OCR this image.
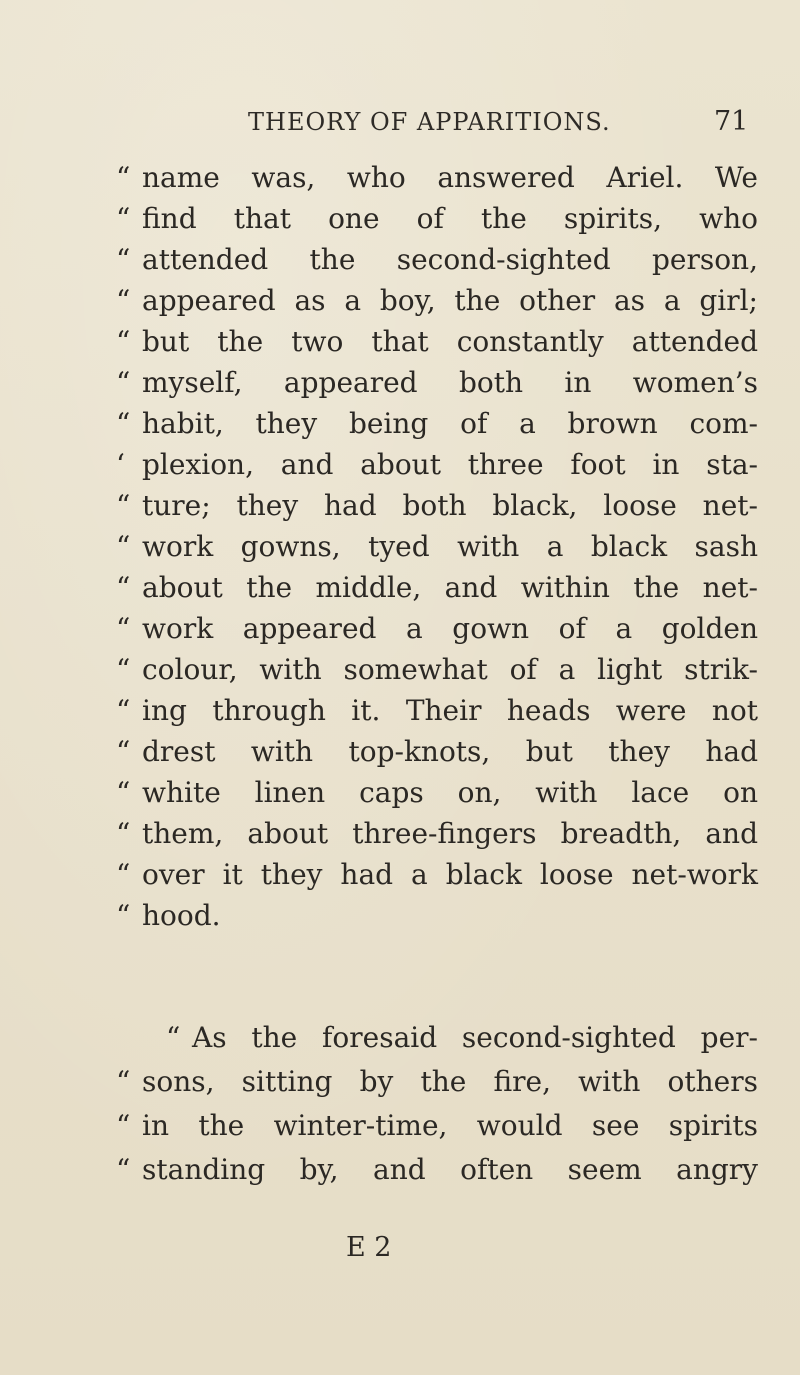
THEORY OF APPARITIONS.	71
“ name was, who answered Ariel. We
“ find that one of the spirits, who
“ attended the second-sighted person,
“ appeared as a boy, the other as a girl;
“ but the two that constantly attended
“ myself, appeared both in women’s
“ habit, they being of a brown com-
‘ plexion, and about three foot in sta-
“ ture; they had both black, loose net-
“ work gowns, tyed with a black sash
“ about the middle, and within the net-
“ work appeared a gown of a golden
“ colour, with somewhat of a light strik-
“ ing through it. Their heads were not
“ drest with top-knots, but they had
“ white linen caps on, with lace on
“ them, about three-fingers breadth, and
“ over it they had a black loose net-work
“ hood.
“ As the foresaid second-sighted per-
“ sons, sitting by the fire, with others
“ in the winter-time, would see spirits
“ standing by, and often seem angry
E 2
